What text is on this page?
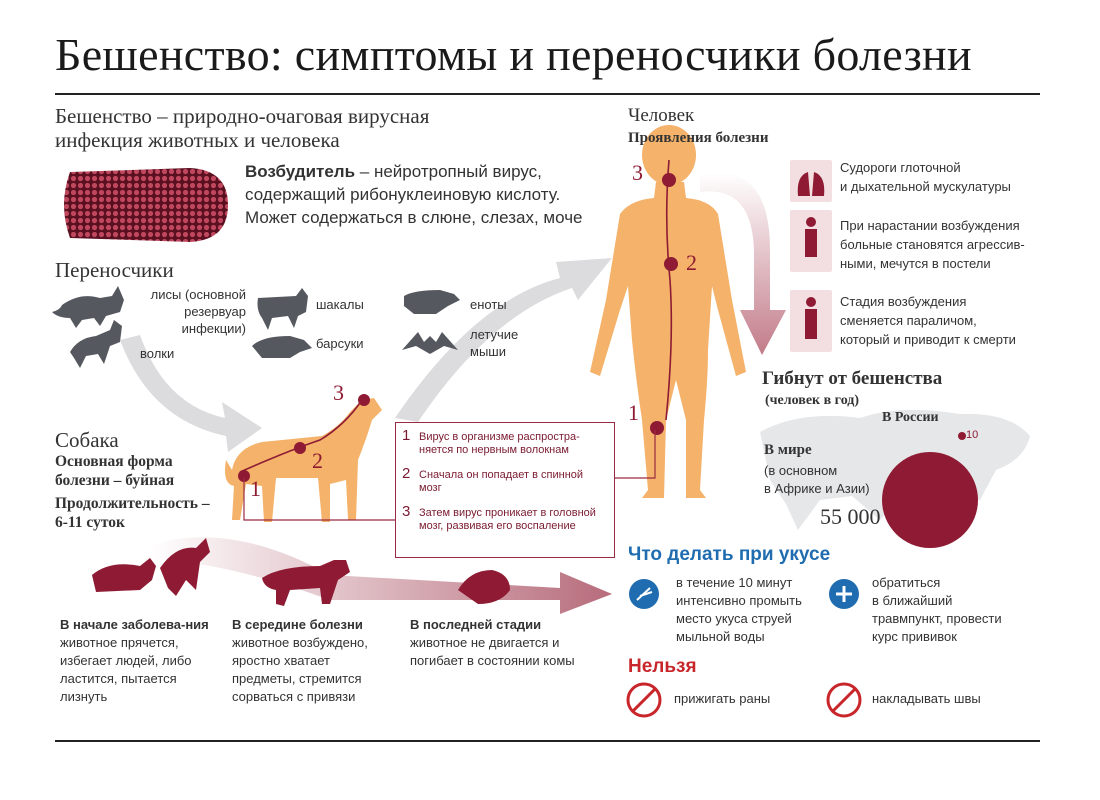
Бешенство: симптомы и переносчики болезни
Бешенство – природно-очаговая вирусная
инфекция животных и человека
Возбудитель – нейротропный вирус, содержащий рибонуклеиновую кислоту. Может содержаться в слюне, слезах, моче
Переносчики
лисы (основной
резервуар
инфекции)
волки
шакалы
барсуки
еноты
летучие
мыши
Собака
Основная форма
болезни – буйная
Продолжительность –
6-11 суток
1
2
3
3
2
1
1 Вирус в организме распростра-няется по нервным волокнам
2 Сначала он попадает в спинной мозг
3 Затем вирус проникает в головной мозг, развивая его воспаление
В начале заболева-ния животное прячется, избегает людей, либо ластится, пытается лизнуть
В середине болезни животное возбуждено, яростно хватает предметы, стремится сорваться с привязи
В последней стадии животное не двигается и погибает в состоянии комы
Человек
Проявления болезни
Судороги глоточной
и дыхательной мускулатуры
При нарастании возбуждения
больные становятся агрессив-
ными, мечутся в постели
Стадия возбуждения
сменяется параличом,
который и приводит к смерти
Гибнут от бешенства
(человек в год)
В России
10
В мире
(в основном
в Африке и Азии)
55 000
Что делать при укусе
в течение 10 минут
интенсивно промыть
место укуса струей
мыльной воды
обратиться
в ближайший
травмпункт, провести
курс прививок
Нельзя
прижигать раны	накладывать швы
